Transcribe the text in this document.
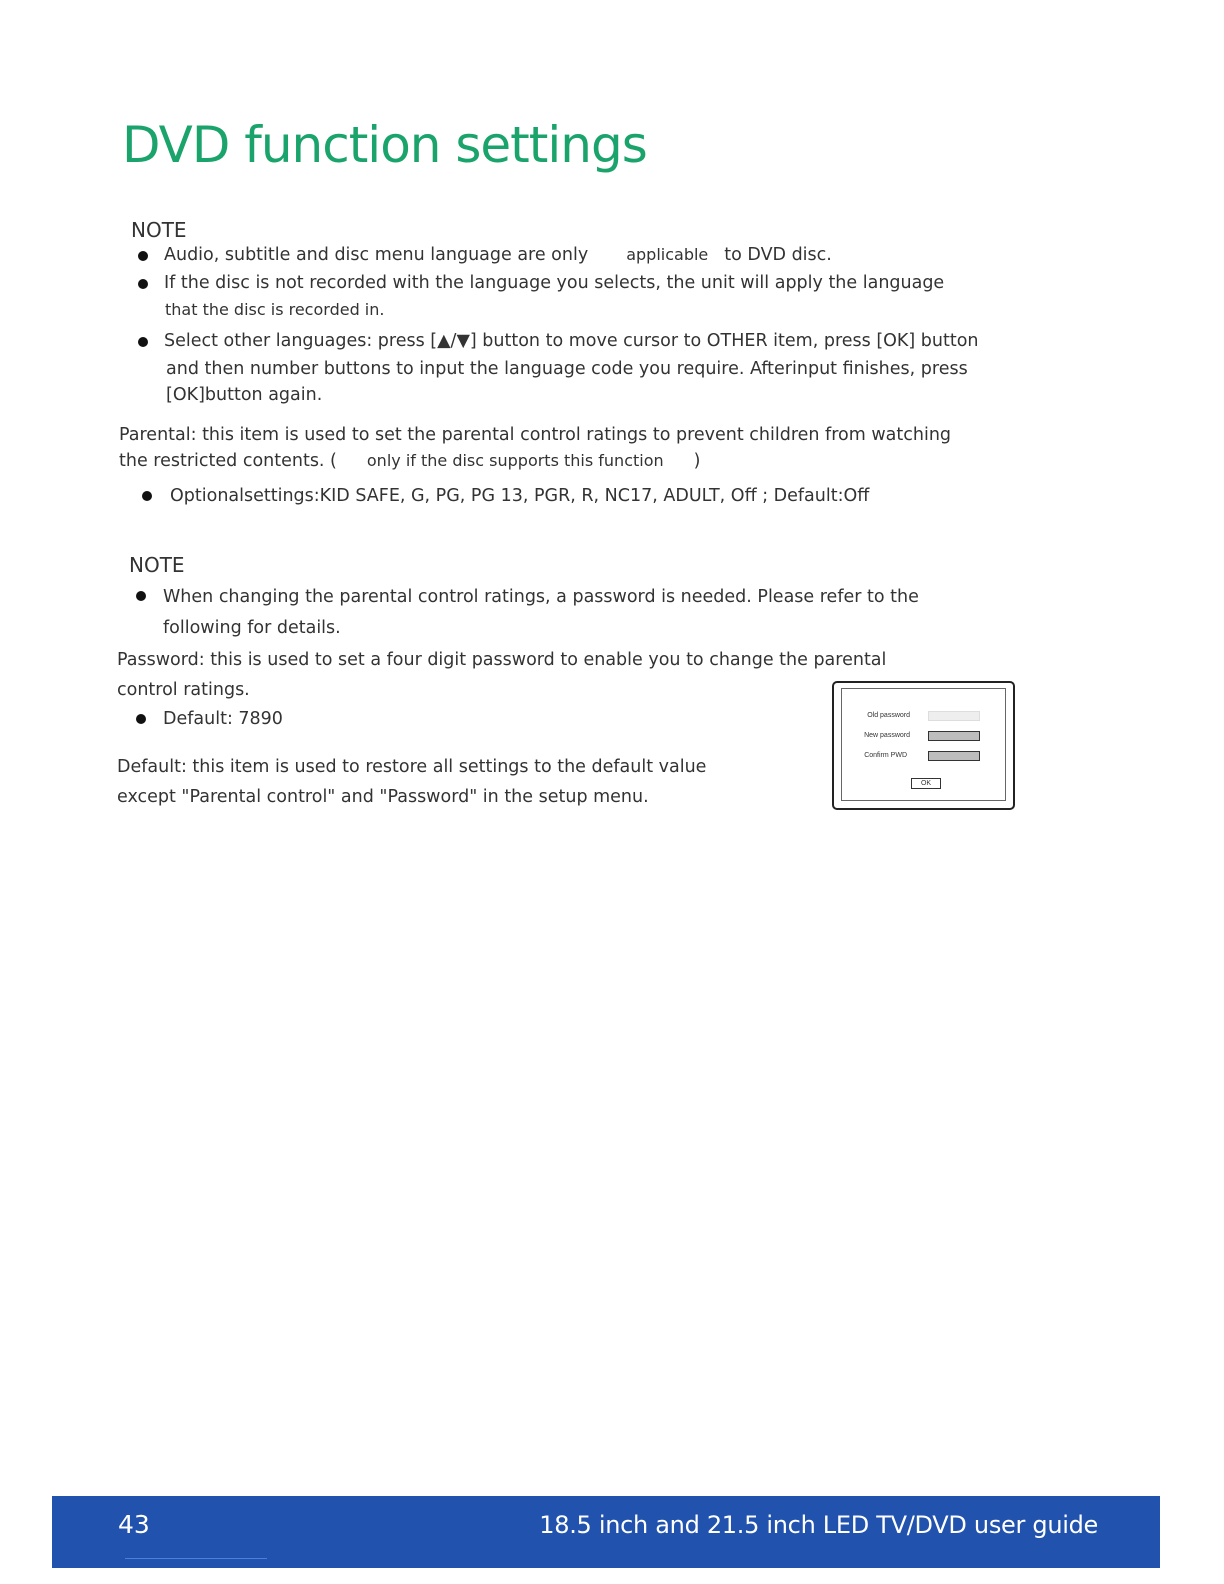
DVD function settings
NOTE
Audio, subtitle and disc menu language are only applicable to DVD disc.
If the disc is not recorded with the language you selects, the unit will apply the language
that the disc is recorded in.
Select other languages: press [▲/▼] button to move cursor to OTHER item, press [OK] button
and then number buttons to input the language code you require. Afterinput finishes, press
[OK]button again.
Parental: this item is used to set the parental control ratings to prevent children from watching
the restricted contents. ( only if the disc supports this function )
Optionalsettings:KID SAFE, G, PG, PG 13, PGR, R, NC17, ADULT, Off ; Default:Off
NOTE
When changing the parental control ratings, a password is needed. Please refer to the
following for details.
Password: this is used to set a four digit password to enable you to change the parental
control ratings.
Default: 7890
Default: this item is used to restore all settings to the default value
except "Parental control" and "Password" in the setup menu.
Old password
New password
Confirm PWD
OK
43	18.5 inch and 21.5 inch LED TV/DVD user guide
